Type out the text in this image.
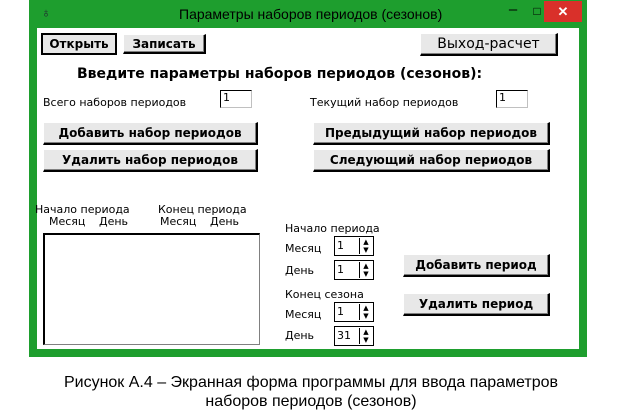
♁	Параметры наборов периодов (сезонов)	–	□	✕
Открыть	Записать	Выход-расчет
Введите параметры наборов периодов (сезонов):
Всего наборов периодов	1	Текущий набор периодов	1
Добавить набор периодов	Предыдущий набор периодов
Удалить набор периодов	Следующий набор периодов
Начало периода	Конец периода
Месяц День	Месяц День
Начало периода
Месяц 1	▲
▼
День 1	▲
▼
Добавить период
Конец сезона
Месяц 1	▲
▼
День 31	▲
▼
Удалить период
Рисунок А.4 – Экранная форма программы для ввода параметров
наборов периодов (сезонов)
